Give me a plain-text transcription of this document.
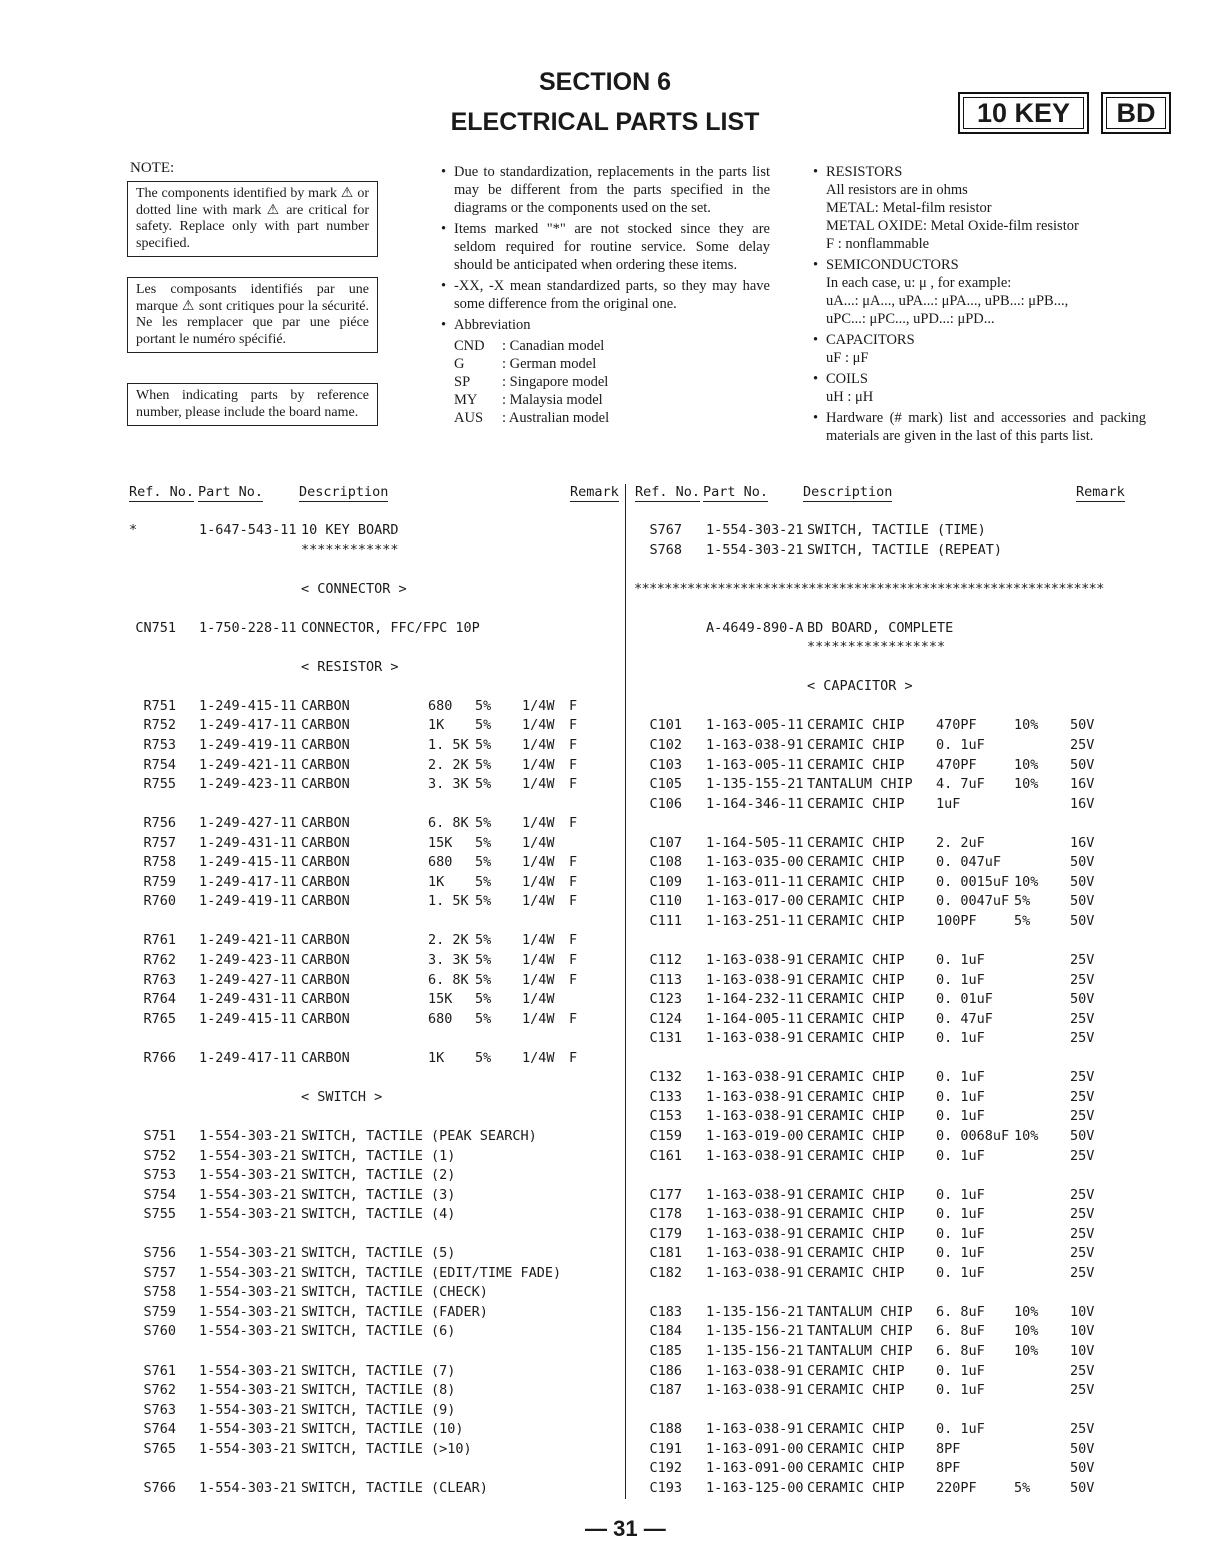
SECTION 6
ELECTRICAL PARTS LIST	10 KEY	BD
NOTE:
The components identified by mark ⚠ or dotted line with mark ⚠ are critical for safety. Replace only with part number specified.
Les composants identifiés par une marque ⚠ sont critiques pour la sécurité. Ne les remplacer que par une piéce portant le numéro spécifié.
When indicating parts by reference number, please include the board name.
• Due to standardization, replacements in the parts list may be different from the parts specified in the diagrams or the components used on the set.
• Items marked "*" are not stocked since they are seldom required for routine service. Some delay should be anticipated when ordering these items.
• -XX, -X mean standardized parts, so they may have some difference from the original one.
• Abbreviation
CND	: Canadian model
G	: German model
SP	: Singapore model
MY	: Malaysia model
AUS	: Australian model
• RESISTORS
All resistors are in ohms
METAL: Metal-film resistor
METAL OXIDE: Metal Oxide-film resistor
F : nonflammable
• SEMICONDUCTORS
In each case, u: μ , for example:
uA...: μA..., uPA...: μPA..., uPB...: μPB...,
uPC...: μPC..., uPD...: μPD...
• CAPACITORS
uF : μF
• COILS
uH : μH
• Hardware (# mark) list and accessories and packing materials are given in the last of this parts list.
Ref. No. Part No.	Description	Remark Ref. No. Part No.	Description	Remark
*	1-647-543-11 10 KEY BOARD
************
< CONNECTOR >
CN751 1-750-228-11 CONNECTOR, FFC/FPC 10P
< RESISTOR >
R751 1-249-415-11 CARBON	680 5% 1/4W F
R752 1-249-417-11 CARBON	1K 5% 1/4W F
R753 1-249-419-11 CARBON	1. 5K 5% 1/4W F
R754 1-249-421-11 CARBON	2. 2K 5% 1/4W F
R755 1-249-423-11 CARBON	3. 3K 5% 1/4W F
R756 1-249-427-11 CARBON	6. 8K 5% 1/4W F
R757 1-249-431-11 CARBON	15K 5% 1/4W
R758 1-249-415-11 CARBON	680 5% 1/4W F
R759 1-249-417-11 CARBON	1K 5% 1/4W F
R760 1-249-419-11 CARBON	1. 5K 5% 1/4W F
R761 1-249-421-11 CARBON	2. 2K 5% 1/4W F
R762 1-249-423-11 CARBON	3. 3K 5% 1/4W F
R763 1-249-427-11 CARBON	6. 8K 5% 1/4W F
R764 1-249-431-11 CARBON	15K 5% 1/4W
R765 1-249-415-11 CARBON	680 5% 1/4W F
R766 1-249-417-11 CARBON	1K 5% 1/4W F
< SWITCH >
S751 1-554-303-21 SWITCH, TACTILE (PEAK SEARCH)
S752 1-554-303-21 SWITCH, TACTILE (1)
S753 1-554-303-21 SWITCH, TACTILE (2)
S754 1-554-303-21 SWITCH, TACTILE (3)
S755 1-554-303-21 SWITCH, TACTILE (4)
S756 1-554-303-21 SWITCH, TACTILE (5)
S757 1-554-303-21 SWITCH, TACTILE (EDIT/TIME FADE)
S758 1-554-303-21 SWITCH, TACTILE (CHECK)
S759 1-554-303-21 SWITCH, TACTILE (FADER)
S760 1-554-303-21 SWITCH, TACTILE (6)
S761 1-554-303-21 SWITCH, TACTILE (7)
S762 1-554-303-21 SWITCH, TACTILE (8)
S763 1-554-303-21 SWITCH, TACTILE (9)
S764 1-554-303-21 SWITCH, TACTILE (10)
S765 1-554-303-21 SWITCH, TACTILE (>10)
S766 1-554-303-21 SWITCH, TACTILE (CLEAR)
S767 1-554-303-21 SWITCH, TACTILE (TIME)
S768 1-554-303-21 SWITCH, TACTILE (REPEAT)
**************************************************************
A-4649-890-A BD BOARD, COMPLETE
*****************
< CAPACITOR >
C101 1-163-005-11 CERAMIC CHIP 470PF	10% 50V
C102 1-163-038-91 CERAMIC CHIP 0. 1uF	25V
C103 1-163-005-11 CERAMIC CHIP 470PF	10% 50V
C105 1-135-155-21 TANTALUM CHIP 4. 7uF 10% 16V
C106 1-164-346-11 CERAMIC CHIP 1uF	16V
C107 1-164-505-11 CERAMIC CHIP 2. 2uF	16V
C108 1-163-035-00 CERAMIC CHIP 0. 047uF	50V
C109 1-163-011-11 CERAMIC CHIP 0. 0015uF 10% 50V
C110 1-163-017-00 CERAMIC CHIP 0. 0047uF 5%	50V
C111 1-163-251-11 CERAMIC CHIP 100PF	5%	50V
C112 1-163-038-91 CERAMIC CHIP 0. 1uF	25V
C113 1-163-038-91 CERAMIC CHIP 0. 1uF	25V
C123 1-164-232-11 CERAMIC CHIP 0. 01uF	50V
C124 1-164-005-11 CERAMIC CHIP 0. 47uF	25V
C131 1-163-038-91 CERAMIC CHIP 0. 1uF	25V
C132 1-163-038-91 CERAMIC CHIP 0. 1uF	25V
C133 1-163-038-91 CERAMIC CHIP 0. 1uF	25V
C153 1-163-038-91 CERAMIC CHIP 0. 1uF	25V
C159 1-163-019-00 CERAMIC CHIP 0. 0068uF 10% 50V
C161 1-163-038-91 CERAMIC CHIP 0. 1uF	25V
C177 1-163-038-91 CERAMIC CHIP 0. 1uF	25V
C178 1-163-038-91 CERAMIC CHIP 0. 1uF	25V
C179 1-163-038-91 CERAMIC CHIP 0. 1uF	25V
C181 1-163-038-91 CERAMIC CHIP 0. 1uF	25V
C182 1-163-038-91 CERAMIC CHIP 0. 1uF	25V
C183 1-135-156-21 TANTALUM CHIP 6. 8uF 10% 10V
C184 1-135-156-21 TANTALUM CHIP 6. 8uF 10% 10V
C185 1-135-156-21 TANTALUM CHIP 6. 8uF 10% 10V
C186 1-163-038-91 CERAMIC CHIP 0. 1uF	25V
C187 1-163-038-91 CERAMIC CHIP 0. 1uF	25V
C188 1-163-038-91 CERAMIC CHIP 0. 1uF	25V
C191 1-163-091-00 CERAMIC CHIP 8PF	50V
C192 1-163-091-00 CERAMIC CHIP 8PF	50V
C193 1-163-125-00 CERAMIC CHIP 220PF	5%	50V
— 31 —
